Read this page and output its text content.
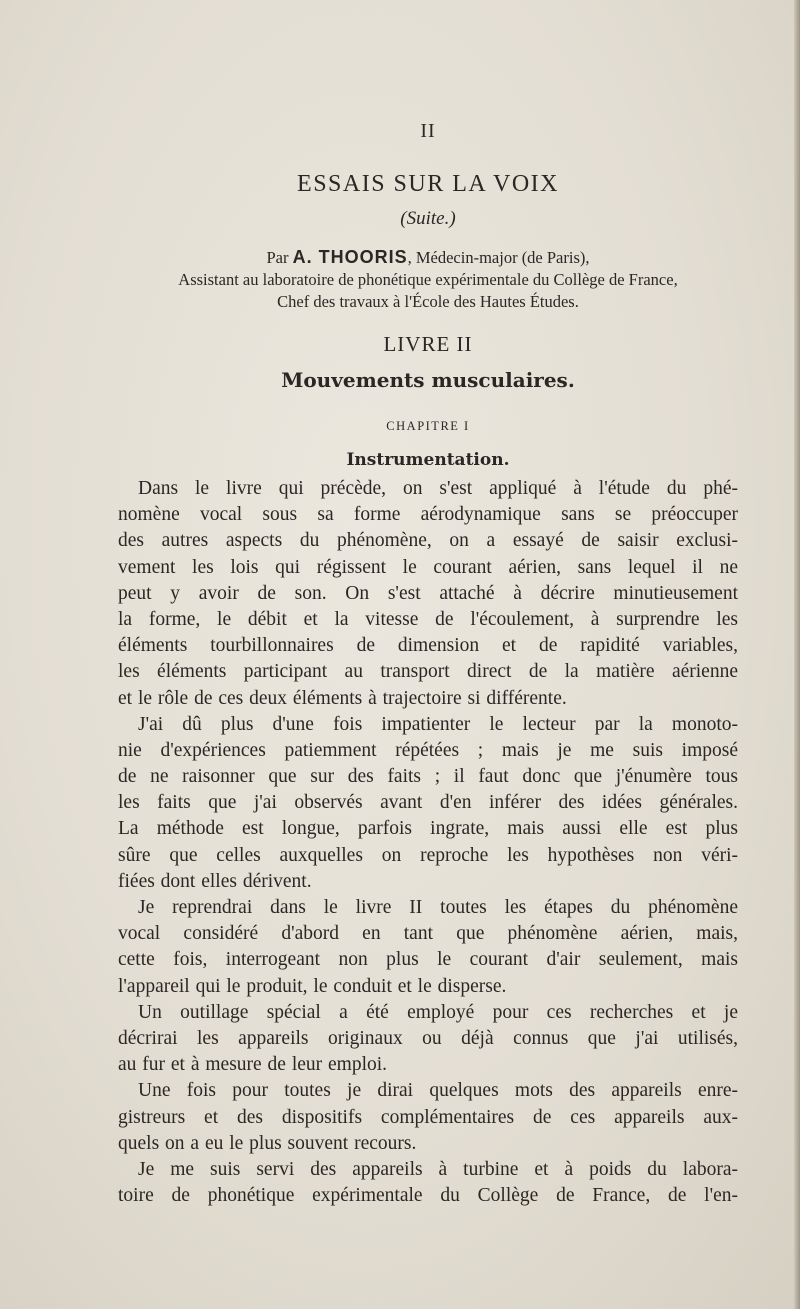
II
ESSAIS SUR LA VOIX
(Suite.)
Par A. THOORIS, Médecin-major (de Paris),
Assistant au laboratoire de phonétique expérimentale du Collège de France,
Chef des travaux à l'École des Hautes Études.
LIVRE II
Mouvements musculaires.
CHAPITRE I
Instrumentation.
Dans le livre qui précède, on s'est appliqué à l'étude du phé-
nomène vocal sous sa forme aérodynamique sans se préoccuper
des autres aspects du phénomène, on a essayé de saisir exclusi-
vement les lois qui régissent le courant aérien, sans lequel il ne
peut y avoir de son. On s'est attaché à décrire minutieusement
la forme, le débit et la vitesse de l'écoulement, à surprendre les
éléments tourbillonnaires de dimension et de rapidité variables,
les éléments participant au transport direct de la matière aérienne
et le rôle de ces deux éléments à trajectoire si différente.
J'ai dû plus d'une fois impatienter le lecteur par la monoto-
nie d'expériences patiemment répétées ; mais je me suis imposé
de ne raisonner que sur des faits ; il faut donc que j'énumère tous
les faits que j'ai observés avant d'en inférer des idées générales.
La méthode est longue, parfois ingrate, mais aussi elle est plus
sûre que celles auxquelles on reproche les hypothèses non véri-
fiées dont elles dérivent.
Je reprendrai dans le livre II toutes les étapes du phénomène
vocal considéré d'abord en tant que phénomène aérien, mais,
cette fois, interrogeant non plus le courant d'air seulement, mais
l'appareil qui le produit, le conduit et le disperse.
Un outillage spécial a été employé pour ces recherches et je
décrirai les appareils originaux ou déjà connus que j'ai utilisés,
au fur et à mesure de leur emploi.
Une fois pour toutes je dirai quelques mots des appareils enre-
gistreurs et des dispositifs complémentaires de ces appareils aux-
quels on a eu le plus souvent recours.
Je me suis servi des appareils à turbine et à poids du labora-
toire de phonétique expérimentale du Collège de France, de l'en-
